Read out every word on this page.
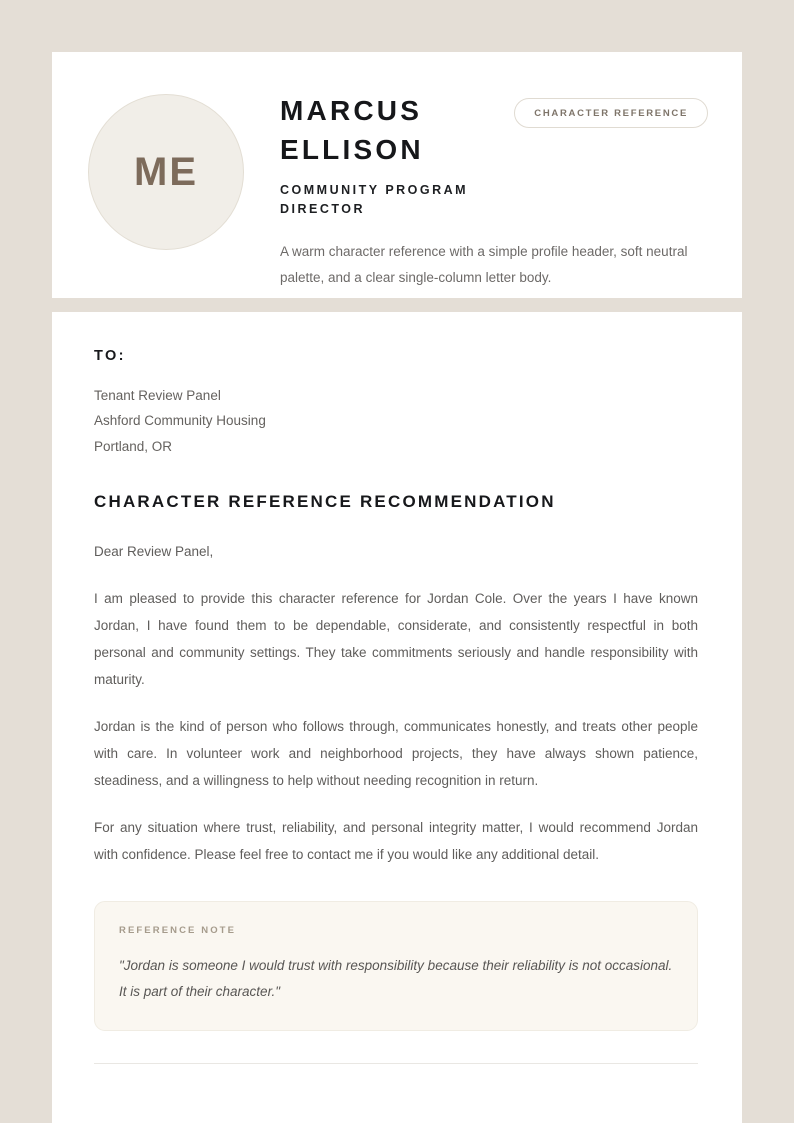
ME
MARCUS ELLISON
CHARACTER REFERENCE
COMMUNITY PROGRAM DIRECTOR
A warm character reference with a simple profile header, soft neutral palette, and a clear single-column letter body.
TO:
Tenant Review Panel
Ashford Community Housing
Portland, OR
CHARACTER REFERENCE RECOMMENDATION
Dear Review Panel,

I am pleased to provide this character reference for Jordan Cole. Over the years I have known Jordan, I have found them to be dependable, considerate, and consistently respectful in both personal and community settings. They take commitments seriously and handle responsibility with maturity.

Jordan is the kind of person who follows through, communicates honestly, and treats other people with care. In volunteer work and neighborhood projects, they have always shown patience, steadiness, and a willingness to help without needing recognition in return.

For any situation where trust, reliability, and personal integrity matter, I would recommend Jordan with confidence. Please feel free to contact me if you would like any additional detail.

REFERENCE NOTE
"Jordan is someone I would trust with responsibility because their reliability is not occasional. It is part of their character."
